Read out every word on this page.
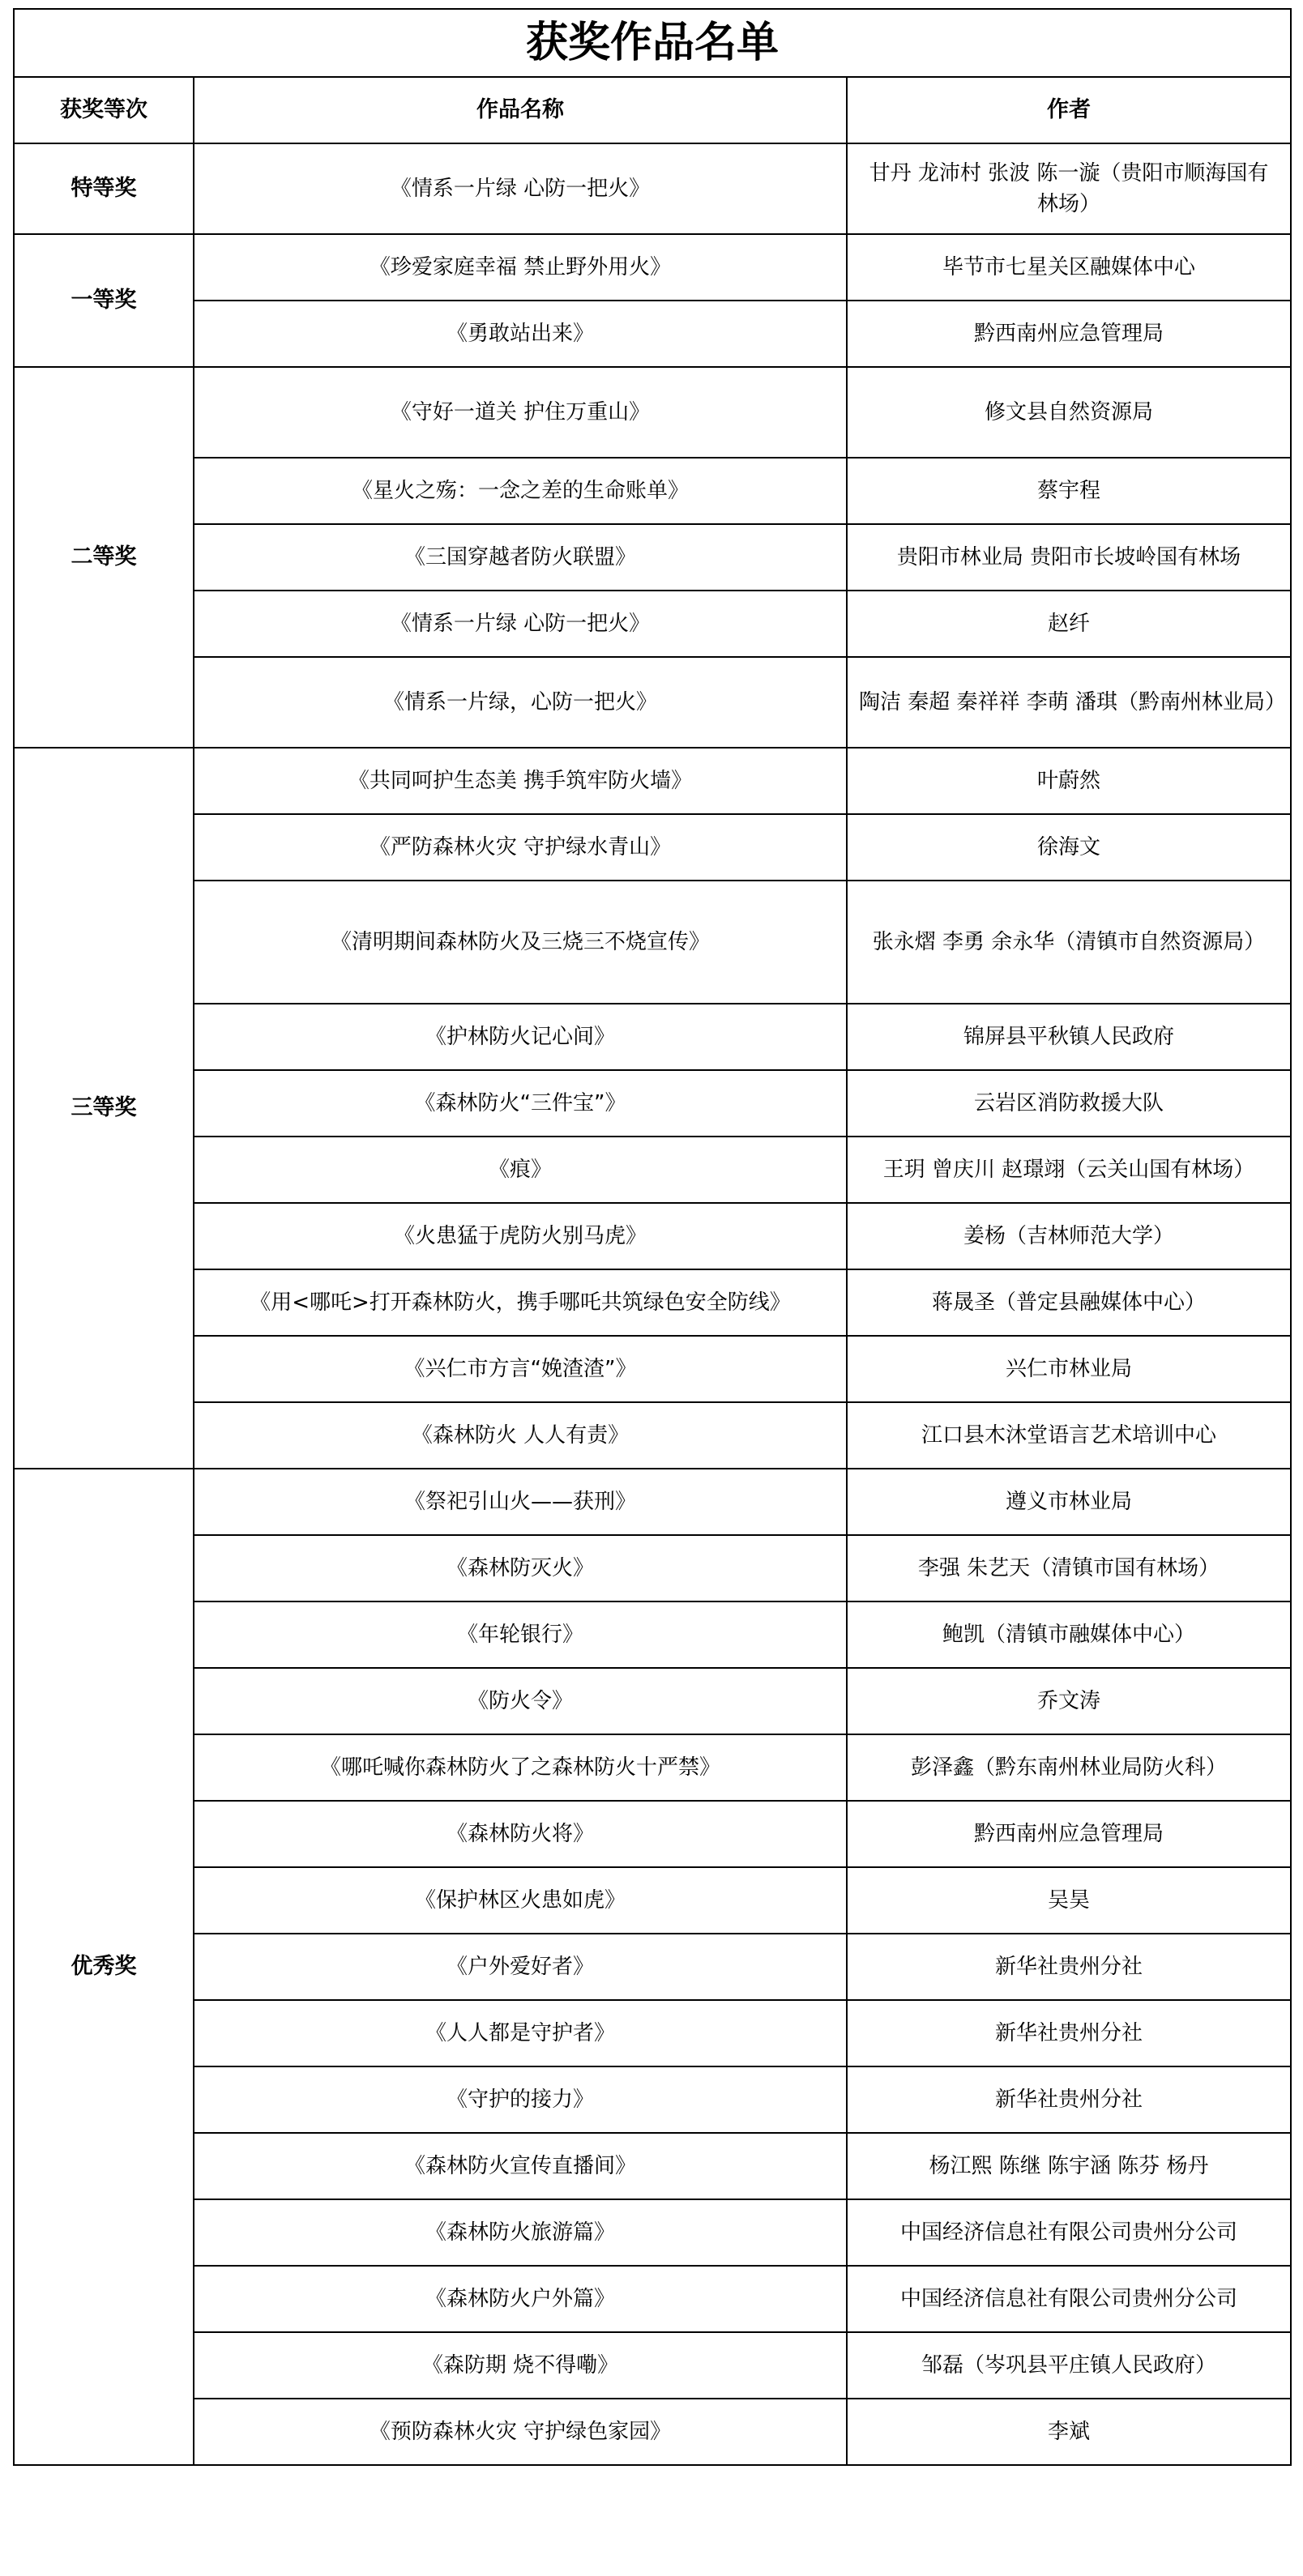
获奖作品名单		
获奖等次	作品名称	作者
特等奖	《情系一片绿 心防一把火》	甘丹 龙沛村 张波 陈一漩（贵阳市顺海国有林场）
一等奖	《珍爱家庭幸福 禁止野外用火》	毕节市七星关区融媒体中心
	《勇敢站出来》	黔西南州应急管理局
二等奖	《守好一道关 护住万重山》	修文县自然资源局
	《星火之殇：一念之差的生命账单》	蔡宇程
	《三国穿越者防火联盟》	贵阳市林业局 贵阳市长坡岭国有林场
	《情系一片绿 心防一把火》	赵纤
	《情系一片绿，心防一把火》	陶洁 秦超 秦祥祥 李萌 潘琪（黔南州林业局）
三等奖	《共同呵护生态美 携手筑牢防火墙》	叶蔚然
	《严防森林火灾 守护绿水青山》	徐海文
	《清明期间森林防火及三烧三不烧宣传》	张永熠 李勇 余永华（清镇市自然资源局）
	《护林防火记心间》	锦屏县平秋镇人民政府
	《森林防火“三件宝”》	云岩区消防救援大队
	《痕》	王玥 曾庆川 赵璟翊（云关山国有林场）
	《火患猛于虎防火别马虎》	姜杨（吉林师范大学）
	《用<哪吒>打开森林防火，携手哪吒共筑绿色安全防线》	蒋晟圣（普定县融媒体中心）
	《兴仁市方言“娩渣渣”》	兴仁市林业局
	《森林防火 人人有责》	江口县木沐堂语言艺术培训中心
优秀奖	《祭祀引山火——获刑》	遵义市林业局
	《森林防灭火》	李强 朱艺天（清镇市国有林场）
	《年轮银行》	鲍凯（清镇市融媒体中心）
	《防火令》	乔文涛
	《哪吒喊你森林防火了之森林防火十严禁》	彭泽鑫（黔东南州林业局防火科）
	《森林防火将》	黔西南州应急管理局
	《保护林区火患如虎》	吴昊
	《户外爱好者》	新华社贵州分社
	《人人都是守护者》	新华社贵州分社
	《守护的接力》	新华社贵州分社
	《森林防火宣传直播间》	杨江熙 陈继 陈宇涵 陈芬 杨丹
	《森林防火旅游篇》	中国经济信息社有限公司贵州分公司
	《森林防火户外篇》	中国经济信息社有限公司贵州分公司
	《森防期 烧不得嘞》	邹磊（岑巩县平庄镇人民政府）
	《预防森林火灾 守护绿色家园》	李斌
